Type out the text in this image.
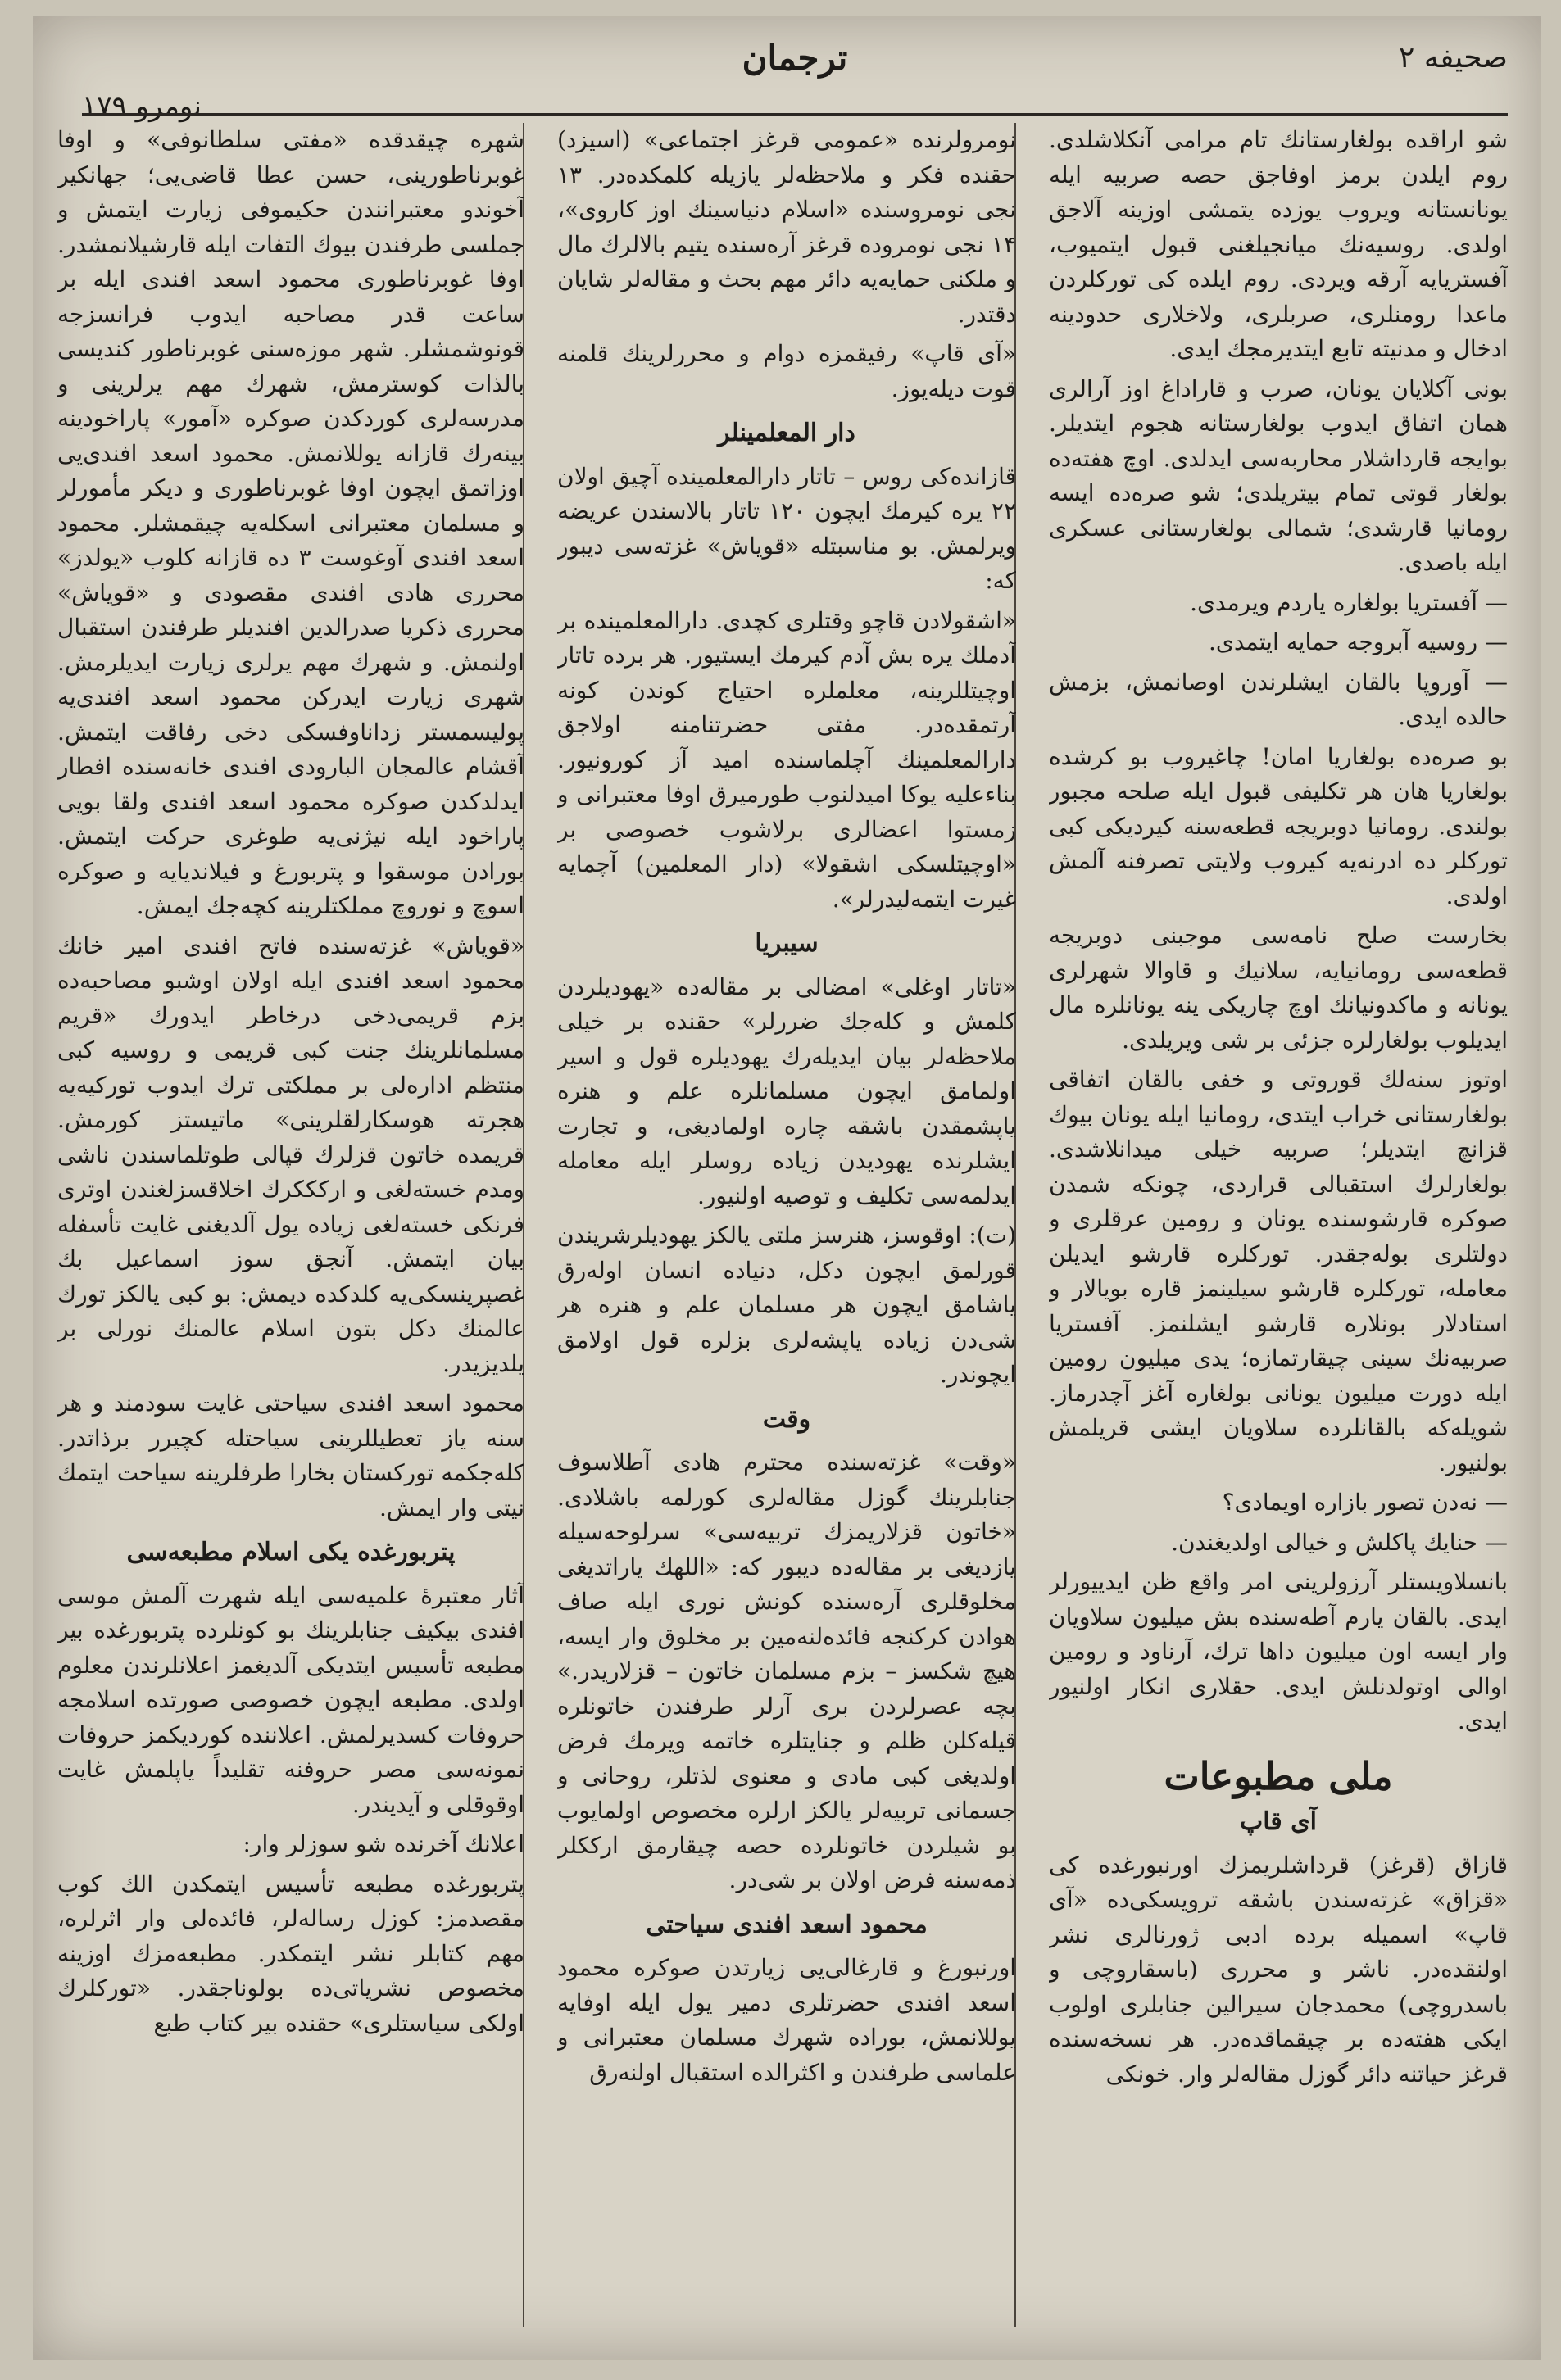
صحیفه ۲
ترجمان
نومرو ۱۷۹

شو اراقده بولغارستانك تام مرامی آنكلاشلدی. روم ایلدن برمز اوفاجق حصه صربیه ایله یونانستانه ویروب یوزده یتمشی اوزینه آلاجق اولدی. روسیه‌نك میانجیلغنی قبول ایتمیوب، آفستریایه آرقه ویردی. روم ایلده كی توركلردن ماعدا رومنلری، صربلری، ولاخلاری حدودینه ادخال و مدنیته تابع ایتدیرمجك ایدی.

بونی آكلایان یونان، صرب و قاراداغ اوز آرالری همان اتفاق ایدوب بولغارستانه هجوم ایتدیلر. بوایجه قارداشلار محاربه‌سی ایدلدی. اوچ هفته‌ده بولغار قوتی تمام بیتریلدی؛ شو صره‌ده ایسه رومانیا قارشدی؛ شمالی بولغارستانی عسكری ایله باصدی.

— آفستریا بولغاره یاردم ویرمدی.

— روسیه آبروجه حمایه ایتمدی.

— آوروپا بالقان ایشلرندن اوصانمش، بزمش حالده ایدی.

بو صره‌ده بولغاریا امان! چاغیروب بو كرشده بولغاریا هان هر تكلیفی قبول ایله صلحه مجبور بولندی. رومانیا دوبریجه قطعه‌سنه كیردیكی كبی توركلر ده ادرنه‌یه كیروب ولایتی تصرفنه آلمش اولدی.

بخارست صلح نامه‌سی موجبنی دوبریجه قطعه‌سی رومانیایه، سلانیك و قاوالا شهرلری یونانه و ماكدونیانك اوچ چاریكی ینه یونانلره مال ایدیلوب بولغارلره جزئی بر شی ویریلدی.

اوتوز سنه‌لك قوروتی و خفی بالقان اتفاقی بولغارستانی خراب ایتدی، رومانیا ایله یونان بیوك قزانچ ایتدیلر؛ صربیه خیلی میدانلاشدی. بولغارلرك استقبالی قراردی، چونكه شمدن صوكره قارشوسنده یونان و رومین عرقلری و دولتلری بوله‌جقدر. توركلره قارشو ایدیلن معامله، توركلره قارشو سیلینمز قاره بویالار و استادلار بونلاره قارشو ایشلنمز. آفستریا صربیه‌نك سینی چیقارتمازه؛ یدی میلیون رومین ایله دورت میلیون یونانی بولغاره آغز آچدرماز. شویله‌كه بالقانلرده سلاویان ایشی قریلمش بولنیور.

— نه‌دن تصور بازاره اویمادی؟

— حنایك پاكلش و خیالی اولدیغندن.

بانسلاویستلر آرزولرینی امر واقع ظن ایدییورلر ایدی. بالقان یارم آطه‌سنده بش میلیون سلاویان وار ایسه اون میلیون داها ترك، آرناود و رومین اوالی اوتولدنلش ایدی. حقلاری انكار اولنیور ایدی.

ملی مطبوعات
آی قاپ

قازاق (قرغز) قرداشلریمزك اورنبورغده كی «قزاق» غزته‌سندن باشقه ترویسكی‌ده «آی قاپ» اسمیله برده ادبی ژورنالری نشر اولنقده‌در. ناشر و محرری (باسقاروچی و باسدروچی) محمدجان سیرالین جنابلری اولوب ایكی هفته‌ده بر چیقماقده‌در. هر نسخه‌سنده قرغز حیاتنه دائر گوزل مقاله‌لر وار. خونكی

نومرولرنده «عمومی قرغز اجتماعی» (اسیزد) حقنده فكر و ملاحظه‌لر یازیله كلمكده‌در. ۱۳ نجی نومروسنده «اسلام دنیاسینك اوز كاروی»، ۱۴ نجی نومروده قرغز آره‌سنده یتیم بالالرك مال و ملكنی حمایه‌یه دائر مهم بحث و مقاله‌لر شایان دقتدر.

«آی قاپ» رفیقمزه دوام و محررلرینك قلمنه قوت دیله‌یوز.

دار المعلمینلر

قازانده‌كی روس – تاتار دارالمعلمینده آچیق اولان ۲۲ یره كیرمك ایچون ۱۲۰ تاتار بالاسندن عریضه ویرلمش. بو مناسبتله «قویاش» غزته‌سی دیبور كه:

«اشقولادن قاچو وقتلری كچدی. دارالمعلمینده بر آدملك یره بش آدم كیرمك ایستیور. هر برده تاتار اوچیتللرینه، معلملره احتیاج كوندن كونه آرتمقده‌در. مفتی حضرتنامنه اولاجق دارالمعلمینك آچلماسنده امید آز كورونیور. بناءعلیه یوكا امیدلنوب طورمیرق اوفا معتبرانی و زمستوا اعضالری برلاشوب خصوصی بر «اوچیتلسكی اشقولا» (دار المعلمین) آچمایه غیرت ایتمه‌لیدرلر».

سیبریا

«تاتار اوغلی» امضالی بر مقاله‌ده «یهودیلردن كلمش و كله‌جك ضررلر» حقنده بر خیلی ملاحظه‌لر بیان ایدیله‌رك یهودیلره قول و اسیر اولمامق ایچون مسلمانلره علم و هنره یاپشمقدن باشقه چاره اولمادیغی، و تجارت ایشلرنده یهودیدن زیاده روسلر ایله معامله ایدلمه‌سی تكلیف و توصیه اولنیور.

(ت): اوقوسز، هنرسز ملتی یالكز یهودیلرشریندن قورلمق ایچون دكل، دنیاده انسان اوله‌رق یاشامق ایچون هر مسلمان علم و هنره هر شی‌دن زیاده یاپشه‌لری بزلره قول اولامق ایچوندر.

وقت

«وقت» غزته‌سنده محترم هادی آطلاسوف جنابلرینك گوزل مقاله‌لری كورلمه باشلادی. «خاتون قزلاریمزك تربیه‌سی» سرلوحه‌سیله یازدیغی بر مقاله‌ده دیبور كه: «اللهك یاراتدیغی مخلوقلری آره‌سنده كونش نوری ایله صاف هوادن كركنجه فائده‌لنه‌مین بر مخلوق وار ایسه، هیچ شكسز – بزم مسلمان خاتون – قزلاریدر.» بچه عصرلردن بری آرلر طرفندن خاتونلره قیله‌كلن ظلم و جنایتلره خاتمه ویرمك فرض اولدیغی كبی مادی و معنوی لذتلر، روحانی و جسمانی تربیه‌لر یالكز ارلره مخصوص اولمایوب بو شیلردن خاتونلرده حصه چیقارمق ارككلر ذمه‌سنه فرض اولان بر شی‌در.

محمود اسعد افندی سیاحتی

اورنبورغ و قارغالی‌یی زیارتدن صوكره محمود اسعد افندی حضرتلری دمیر یول ایله اوفایه یوللانمش، بوراده شهرك مسلمان معتبرانی و علماسی طرفندن و اكثرالده استقبال اولنه‌رق

شهره چیقدقده «مفتی سلطانوفی» و اوفا غوبرناطورینی، حسن عطا قاضی‌یی؛ جهانكیر آخوندو معتبرانندن حكیموفی زیارت ایتمش و جملسی طرفندن بیوك التفات ایله قارشیلانمشدر. اوفا غوبرناطوری محمود اسعد افندی ایله بر ساعت قدر مصاحبه ایدوب فرانسزجه قونوشمشلر. شهر موزه‌سنی غوبرناطور كندیسی بالذات كوسترمش، شهرك مهم یرلرینی و مدرسه‌لری كوردكدن صوكره «آمور» پاراخودینه بینه‌رك قازانه یوللانمش. محمود اسعد افندی‌یی اوزاتمق ایچون اوفا غوبرناطوری و دیكر مأمورلر و مسلمان معتبرانی اسكله‌یه چیقمشلر. محمود اسعد افندی آوغوست ۳ ده قازانه كلوب «یولدز» محرری هادی افندی مقصودی و «قویاش» محرری ذكریا صدرالدین افندیلر طرفندن استقبال اولنمش. و شهرك مهم یرلری زیارت ایدیلرمش. شهری زیارت ایدركن محمود اسعد افندی‌یه پولیسمستر زداناوفسكی دخی رفاقت ایتمش. آقشام عالمجان البارودی افندی خانه‌سنده افطار ایدلدكدن صوكره محمود اسعد افندی ولقا بویی پاراخود ایله نیژنی‌یه طوغری حركت ایتمش. بورادن موسقوا و پتربورغ و فیلاندیایه و صوكره اسوچ و نوروچ مملكتلرینه كچه‌جك ایمش.

«قویاش» غزته‌سنده فاتح افندی امیر خانك محمود اسعد افندی ایله اولان اوشبو مصاحبه‌ده بزم قریمی‌دخی درخاطر ایدورك «قریم مسلمانلرینك جنت كبی قریمی و روسیه كبی منتظم اداره‌لی بر مملكتی ترك ایدوب توركیه‌یه هجرته هوسكارلقلرینی» ماتیستز كورمش. قریمده خاتون قزلرك قپالی طوتلماسندن ناشی ومدم خسته‌لغی و اركككرك اخلاقسزلغندن اوتری فرنكی خسته‌لغی زیاده یول آلدیغنی غایت تأسفله بیان ایتمش. آنجق سوز اسماعیل بك غصپرینسكی‌یه كلدكده دیمش: بو كبی یالكز تورك عالمنك دكل بتون اسلام عالمنك نورلی بر یلدیزیدر.

محمود اسعد افندی سیاحتی غایت سودمند و هر سنه یاز تعطیللرینی سیاحتله كچیرر برذاتدر. كله‌جكمه توركستان بخارا طرفلرینه سیاحت ایتمك نیتی وار ایمش.

پتربورغده یكی اسلام مطبعه‌سی

آثار معتبرهٔ علمیه‌سی ایله شهرت آلمش موسی افندی بیكیف جنابلرینك بو كونلرده پتربورغده بیر مطبعه تأسیس ایتدیكی آلدیغمز اعلانلرندن معلوم اولدی. مطبعه ایچون خصوصی صورتده اسلامجه حروفات كسدیرلمش. اعلاننده كوردیكمز حروفات نمونه‌سی مصر حروفنه تقلیداً یاپلمش غایت اوقوقلی و آیدیندر.

اعلانك آخرنده شو سوزلر وار:

پتربورغده مطبعه تأسیس ایتمكدن الك كوب مقصدمز: كوزل رساله‌لر، فائده‌لی وار اثرلره، مهم كتابلر نشر ایتمكدر. مطبعه‌مزك اوزینه مخصوص نشریاتی‌ده بولوناجقدر. «توركلرك اولكی سیاستلری» حقنده بیر كتاب طبع
